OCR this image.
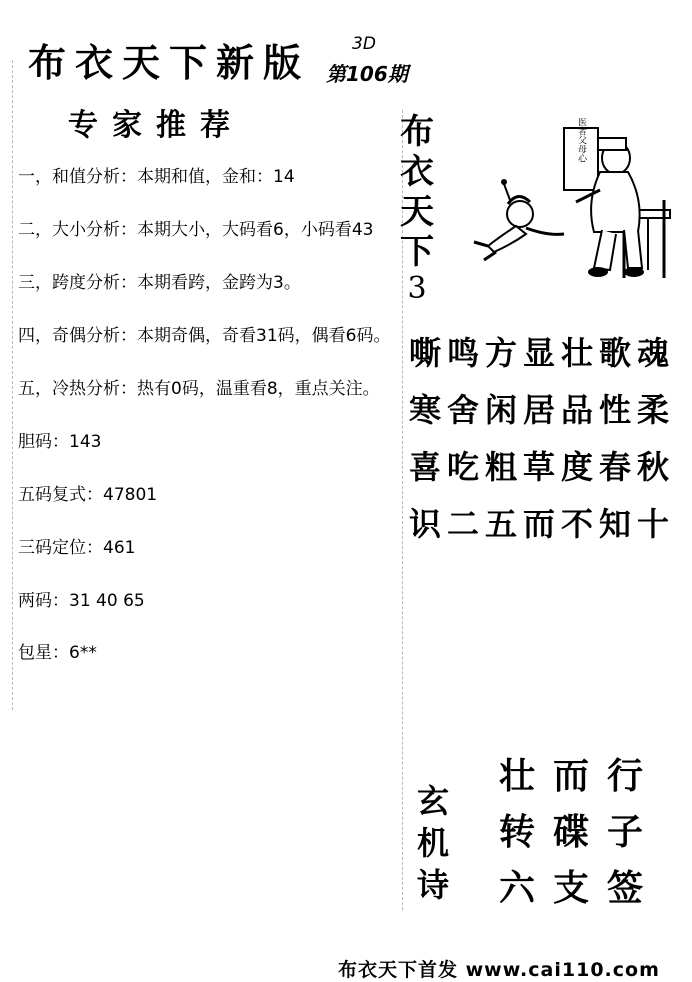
布衣天下新版 3D
第106期
专家推荐
一，和值分析：本期和值，金和：14
二，大小分析：本期大小，大码看6，小码看43
三，跨度分析：本期看跨，金跨为3。
四，奇偶分析：本期奇偶，奇看31码，偶看6码。
五，冷热分析：热有0码，温重看8，重点关注。
胆码：143
五码复式：47801
三码定位：461
两码：31 40 65
包星：6**
布
衣
天
下
3
医者父母心
嘶 鸣 方 显 壮 歌 魂
寒 舍 闲 居 品 性 柔
喜 吃 粗 草 度 春 秋
识 二 五 而 不 知 十
玄
机
诗
壮 而 行
转 碟 子
六 支 签
布衣天下首发 www.cai110.com
